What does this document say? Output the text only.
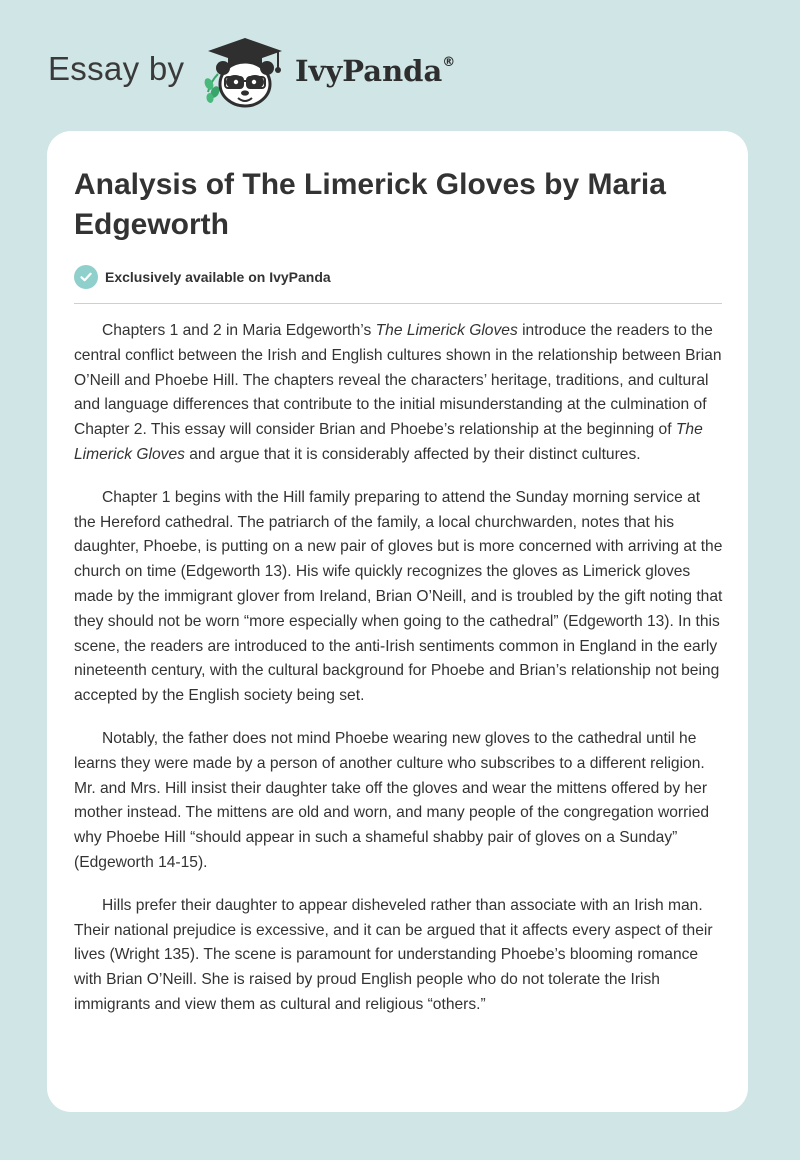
Essay by	IvyPanda®
Analysis of The Limerick Gloves by Maria Edgeworth
Exclusively available on IvyPanda

Chapters 1 and 2 in Maria Edgeworth’s The Limerick Gloves introduce the readers to the central conflict between the Irish and English cultures shown in the relationship between Brian O’Neill and Phoebe Hill. The chapters reveal the characters’ heritage, traditions, and cultural and language differences that contribute to the initial misunderstanding at the culmination of Chapter 2. This essay will consider Brian and Phoebe’s relationship at the beginning of The Limerick Gloves and argue that it is considerably affected by their distinct cultures.

Chapter 1 begins with the Hill family preparing to attend the Sunday morning service at the Hereford cathedral. The patriarch of the family, a local churchwarden, notes that his daughter, Phoebe, is putting on a new pair of gloves but is more concerned with arriving at the church on time (Edgeworth 13). His wife quickly recognizes the gloves as Limerick gloves made by the immigrant glover from Ireland, Brian O’Neill, and is troubled by the gift noting that they should not be worn “more especially when going to the cathedral” (Edgeworth 13). In this scene, the readers are introduced to the anti-Irish sentiments common in England in the early nineteenth century, with the cultural background for Phoebe and Brian’s relationship not being accepted by the English society being set.

Notably, the father does not mind Phoebe wearing new gloves to the cathedral until he learns they were made by a person of another culture who subscribes to a different religion. Mr. and Mrs. Hill insist their daughter take off the gloves and wear the mittens offered by her mother instead. The mittens are old and worn, and many people of the congregation worried why Phoebe Hill “should appear in such a shameful shabby pair of gloves on a Sunday” (Edgeworth 14-15).

Hills prefer their daughter to appear disheveled rather than associate with an Irish man. Their national prejudice is excessive, and it can be argued that it affects every aspect of their lives (Wright 135). The scene is paramount for understanding Phoebe’s blooming romance with Brian O’Neill. She is raised by proud English people who do not tolerate the Irish immigrants and view them as cultural and religious “others.”
